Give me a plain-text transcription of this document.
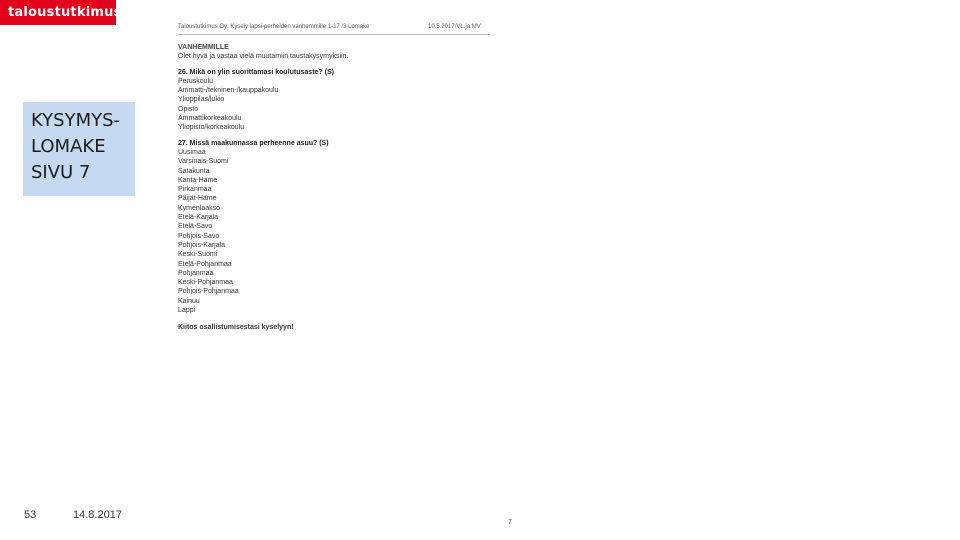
taloustutkimus
KYSYMYS-
LOMAKE
SIVU 7
Taloustutkimus Oy: Kysely lapsi-perheiden vanhemmille 1-17 /3 Lomake	10.5.2017/VL.ja.MV
VANHEMMILLE
Olet hyvä ja vastaa vielä muutamiin taustakysymyksiin.
26. Mikä on ylin suorittamasi koulutusaste? (S)
Peruskoulu
Ammatti-/tekninen-/kauppakoulu
Ylioppilas/lukio
Opisto
Ammattikorkeakoulu
Yliopisto/korkeakoulu
27. Missä maakunnassa perheenne asuu? (S)
Uusimaa
Varsinais-Suomi
Satakunta
Kanta-Häme
Pirkanmaa
Päijät-Häme
Kymenlaakso
Etelä-Karjala
Etelä-Savo
Pohjois-Savo
Pohjois-Karjala
Keski-Suomi
Etelä-Pohjanmaa
Pohjanmaa
Keski-Pohjanmaa
Pohjois-Pohjanmaa
Kainuu
Lappi
Kiitos osallistumisestasi kyselyyn!
7
53	14.8.2017
